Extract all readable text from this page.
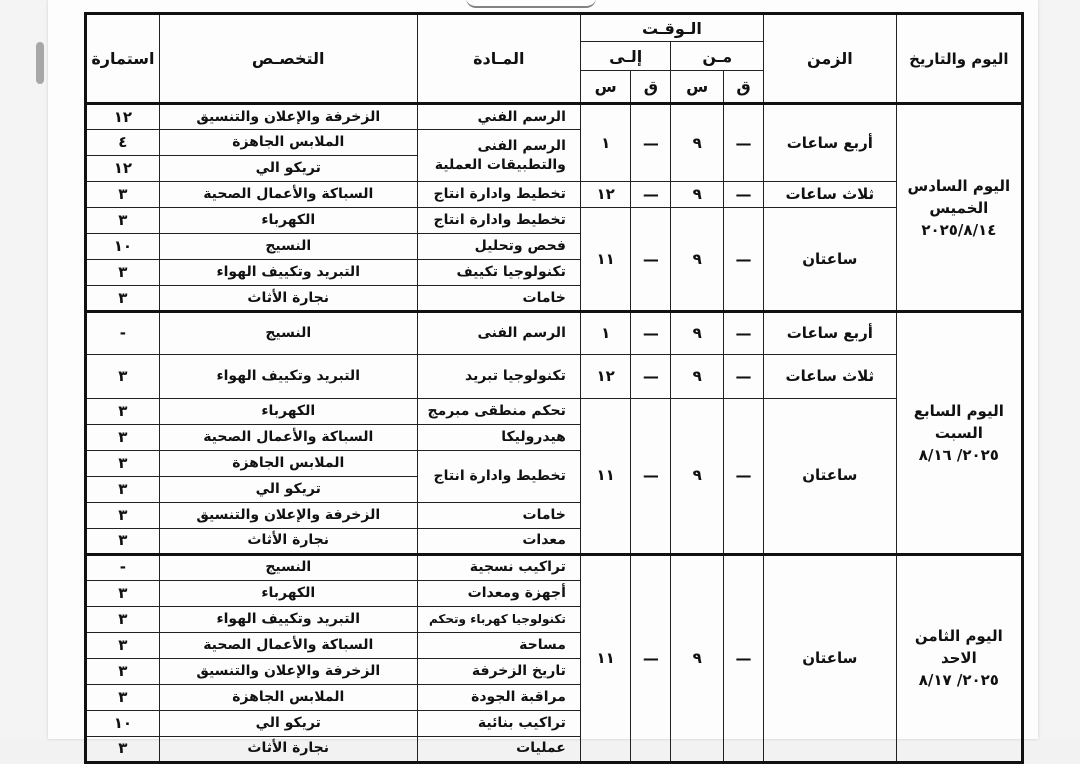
اليوم والتاريخ	الزمن	الـوقـت				المـادة	التخصـص	استمارة
		مـن		إلـى				
		ق	س	ق	س			
اليوم السادس الخميس
٢٠٢٥/٨/١٤	أربع ساعات	—	٩	—	١	الرسم الفني	الزخرفة والإعلان والتنسيق	١٢
						الرسم الفنى والتطبيقات العملية	الملابس الجاهزة	٤
							تريكو الي	١٢
	ثلاث ساعات	—	٩	—	١٢	تخطيط وادارة انتاج	السباكة والأعمال الصحية	٣
	ساعتان	—	٩	—	١١	تخطيط وادارة انتاج	الكهرباء	٣
						فحص وتحليل	النسيج	١٠
						تكنولوجيا تكييف	التبريد وتكييف الهواء	٣
						خامات	نجارة الأثاث	٣
اليوم السابع السبت
٢٠٢٥/ ٨/١٦	أربع ساعات	—	٩	—	١	الرسم الفنى	النسيج	-
	ثلاث ساعات	—	٩	—	١٢	تكنولوجيا تبريد	التبريد وتكييف الهواء	٣
	ساعتان	—	٩	—	١١	تحكم منطقى مبرمج	الكهرباء	٣
						هيدروليكا	السباكة والأعمال الصحية	٣
						تخطيط وادارة انتاج	الملابس الجاهزة	٣
							تريكو الي	٣
						خامات	الزخرفة والإعلان والتنسيق	٣
						معدات	نجارة الأثاث	٣
اليوم الثامن الاحد
٢٠٢٥/ ٨/١٧	ساعتان	—	٩	—	١١	تراكيب نسجية	النسيج	-
						أجهزة ومعدات	الكهرباء	٣
						تكنولوجيا كهرباء وتحكم	التبريد وتكييف الهواء	٣
						مساحة	السباكة والأعمال الصحية	٣
						تاريخ الزخرفة	الزخرفة والإعلان والتنسيق	٣
						مراقبة الجودة	الملابس الجاهزة	٣
						تراكيب بنائية	تريكو الي	١٠
						عمليات	نجارة الأثاث	٣
